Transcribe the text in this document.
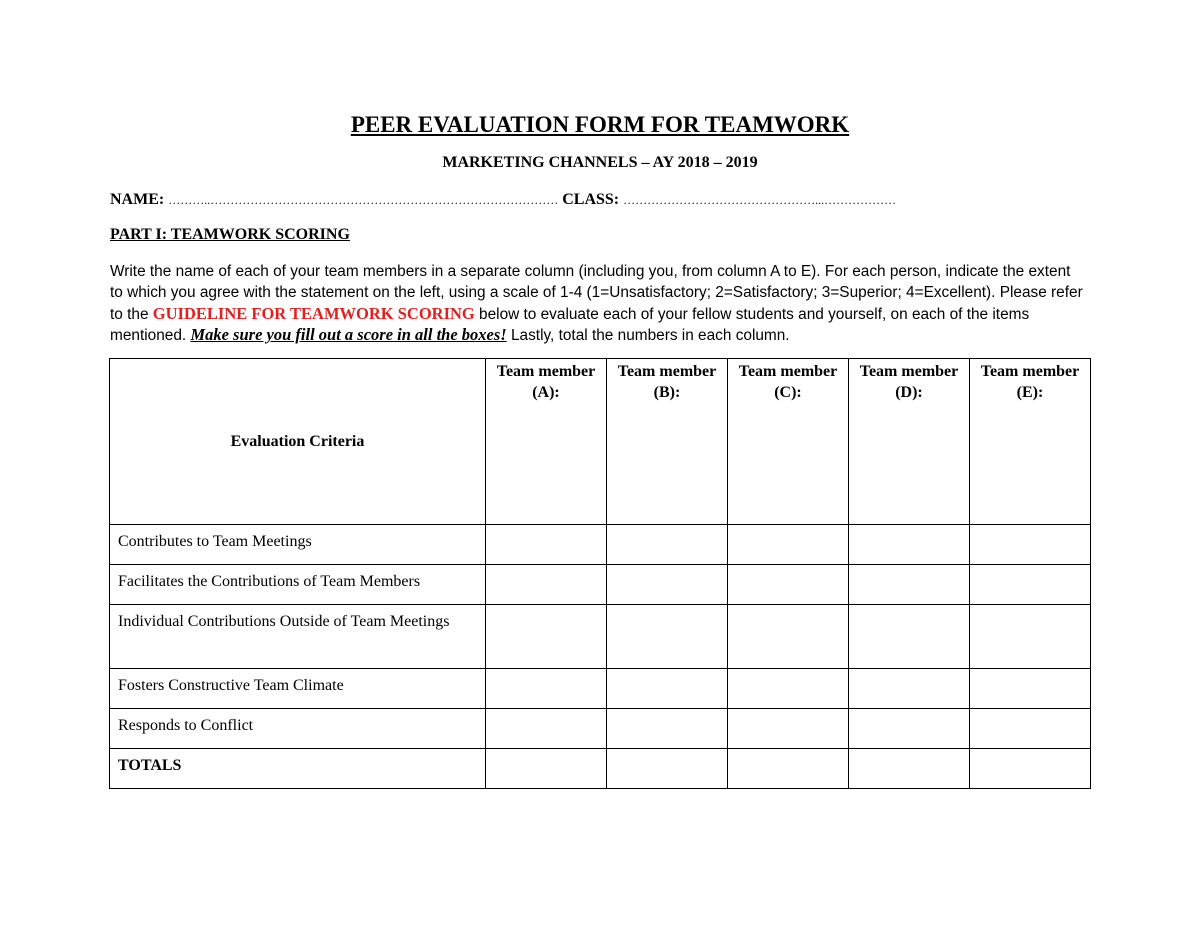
PEER EVALUATION FORM FOR TEAMWORK
MARKETING CHANNELS – AY 2018 – 2019
NAME: ………..…………………………………………………………………………… CLASS: …………………………………………...………………
PART I: TEAMWORK SCORING
Write the name of each of your team members in a separate column (including you, from column A to E). For each person, indicate the extent to which you agree with the statement on the left, using a scale of 1-4 (1=Unsatisfactory; 2=Satisfactory; 3=Superior; 4=Excellent). Please refer to the GUIDELINE FOR TEAMWORK SCORING below to evaluate each of your fellow students and yourself, on each of the items mentioned. Make sure you fill out a score in all the boxes! Lastly, total the numbers in each column.
Evaluation Criteria	Team member (A):	Team member (B):	Team member (C):	Team member (D):	Team member (E):
Contributes to Team Meetings					
Facilitates the Contributions of Team Members					
Individual Contributions Outside of Team Meetings					
Fosters Constructive Team Climate					
Responds to Conflict					
TOTALS					
